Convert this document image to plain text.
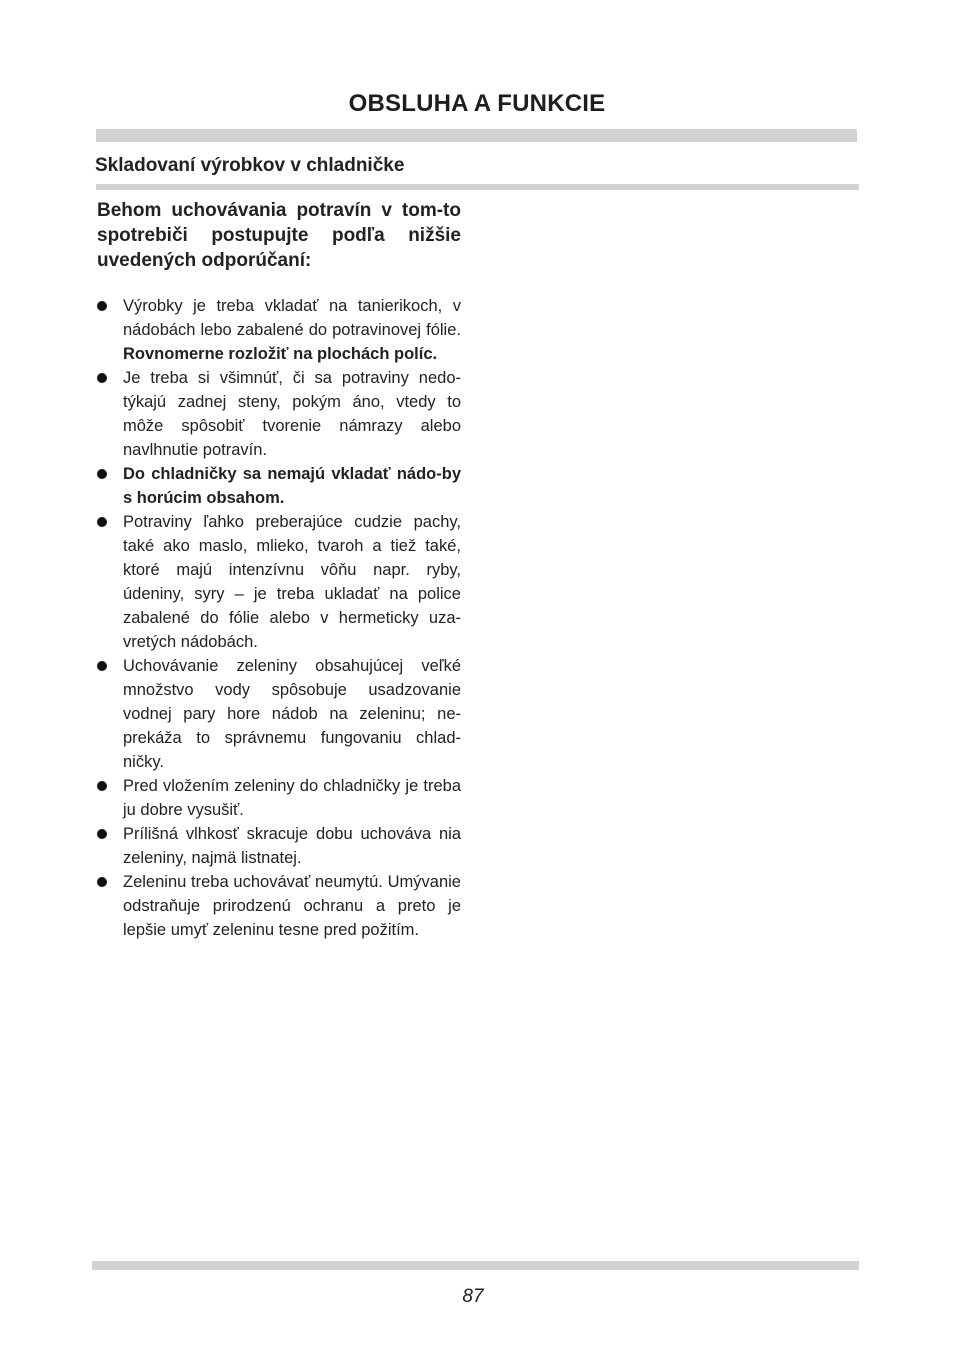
OBSLUHA A FUNKCIE
Skladovaní výrobkov v chladničke
Behom uchovávania potravín v tom-to spotrebiči postupujte podľa nižšie uvedených odporúčaní:
Výrobky je treba vkladať na tanierikoch, v nádobách lebo zabalené do potravinovej fólie. Rovnomerne rozložiť na plochách políc.
Je treba si všimnúť, či sa potraviny nedo-týkajú zadnej steny, pokým áno, vtedy to môže spôsobiť tvorenie námrazy alebo navlhnutie potravín.
Do chladničky sa nemajú vkladať nádo-by s horúcim obsahom.
Potraviny ľahko preberajúce cudzie pachy, také ako maslo, mlieko, tvaroh a tiež také, ktoré majú intenzívnu vôňu napr. ryby, údeniny, syry – je treba ukladať na police zabalené do fólie alebo v hermeticky uza-vretých nádobách.
Uchovávanie zeleniny obsahujúcej veľké množstvo vody spôsobuje usadzovanie vodnej pary hore nádob na zeleninu; ne-prekáža to správnemu fungovaniu chlad-ničky.
Pred vložením zeleniny do chladničky je treba ju dobre vysušiť.
Prílišná vlhkosť skracuje dobu uchováva nia zeleniny, najmä listnatej.
Zeleninu treba uchovávať neumytú. Umývanie odstraňuje prirodzenú ochranu a preto je lepšie umyť zeleninu tesne pred požitím.
87
